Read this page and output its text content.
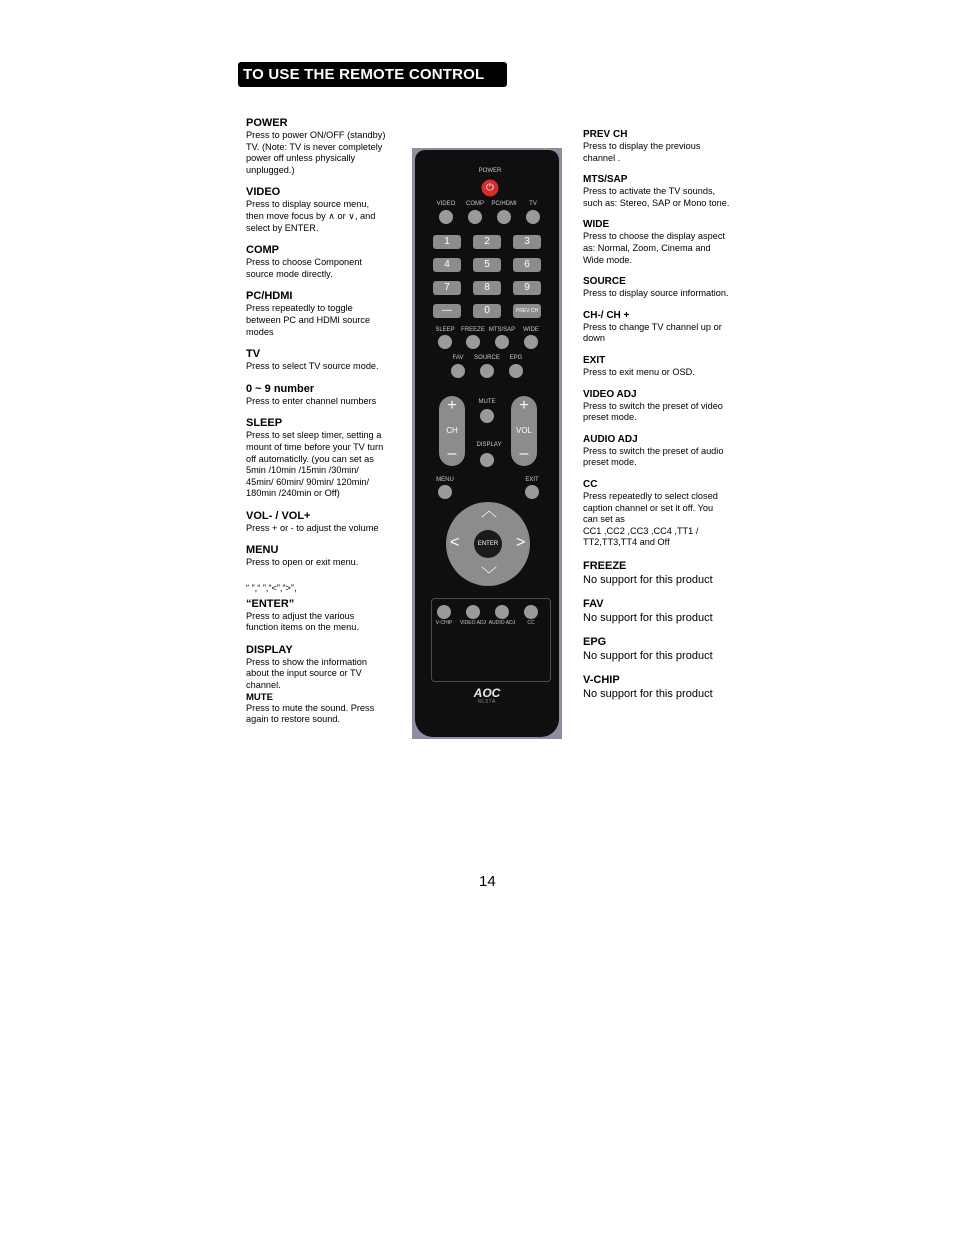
TO USE THE REMOTE CONTROL
POWER

Press to power ON/OFF (standby)
TV. (Note: TV is never completely
power off unless physically
unplugged.)

VIDEO

Press to display source menu,
then move focus by ∧ or ∨, and
select by ENTER.

COMP

Press to choose Component
source mode directly.

PC/HDMI

Press repeatedly to toggle
between PC and HDMI source
modes

TV

Press to select TV source mode.

0 ~ 9 number

Press to enter channel numbers

SLEEP

Press to set sleep timer, setting a
mount of time before your TV turn
off automaticlly. (you can set as
5min /10min /15min /30min/
45min/ 60min/ 90min/ 120min/
180min /240min or Off)

VOL- / VOL+

Press + or - to adjust the volume

MENU

Press to open or exit menu.

“ ”,“ ”,“<”,“>”,

“ENTER”

Press to adjust the various
function items on the menu.

DISPLAY

Press to show the information
about the input source or TV
channel.

MUTE

Press to mute the sound. Press
again to restore sound.

POWER
⏻
VIDEO COMP PC/HDMI TV
1	2	3
4	5	6
7	8	9
—	0	PREV CH
SLEEP FREEZE MTS/SAP WIDE
FAV SOURCE EPG
+
CH
–
+
VOL
–
MUTE
DISPLAY
MENU	EXIT
︿
﹀
<	>
ENTER
V-CHIP VIDEO ADJ AUDIO ADJ CC
AOC
RL57A
PREV CH

Press to display the previous
channel .

MTS/SAP

Press to activate the TV sounds,
such as: Stereo, SAP or Mono tone.

WIDE

Press to choose the display aspect
as: Normal, Zoom, Cinema and
Wide mode.

SOURCE

Press to display source information.

CH-/ CH +

Press to change TV channel up or
down

EXIT

Press to exit menu or OSD.

VIDEO ADJ

Press to switch the preset of video
preset mode.

AUDIO ADJ

Press to switch the preset of audio
preset mode.

CC

Press repeatedly to select closed
caption channel or set it off. You
can set as
CC1 ,CC2 ,CC3 ,CC4 ,TT1 /
TT2,TT3,TT4 and Off

FREEZE

No support for this product

FAV

No support for this product

EPG

No support for this product

V-CHIP

No support for this product

14
